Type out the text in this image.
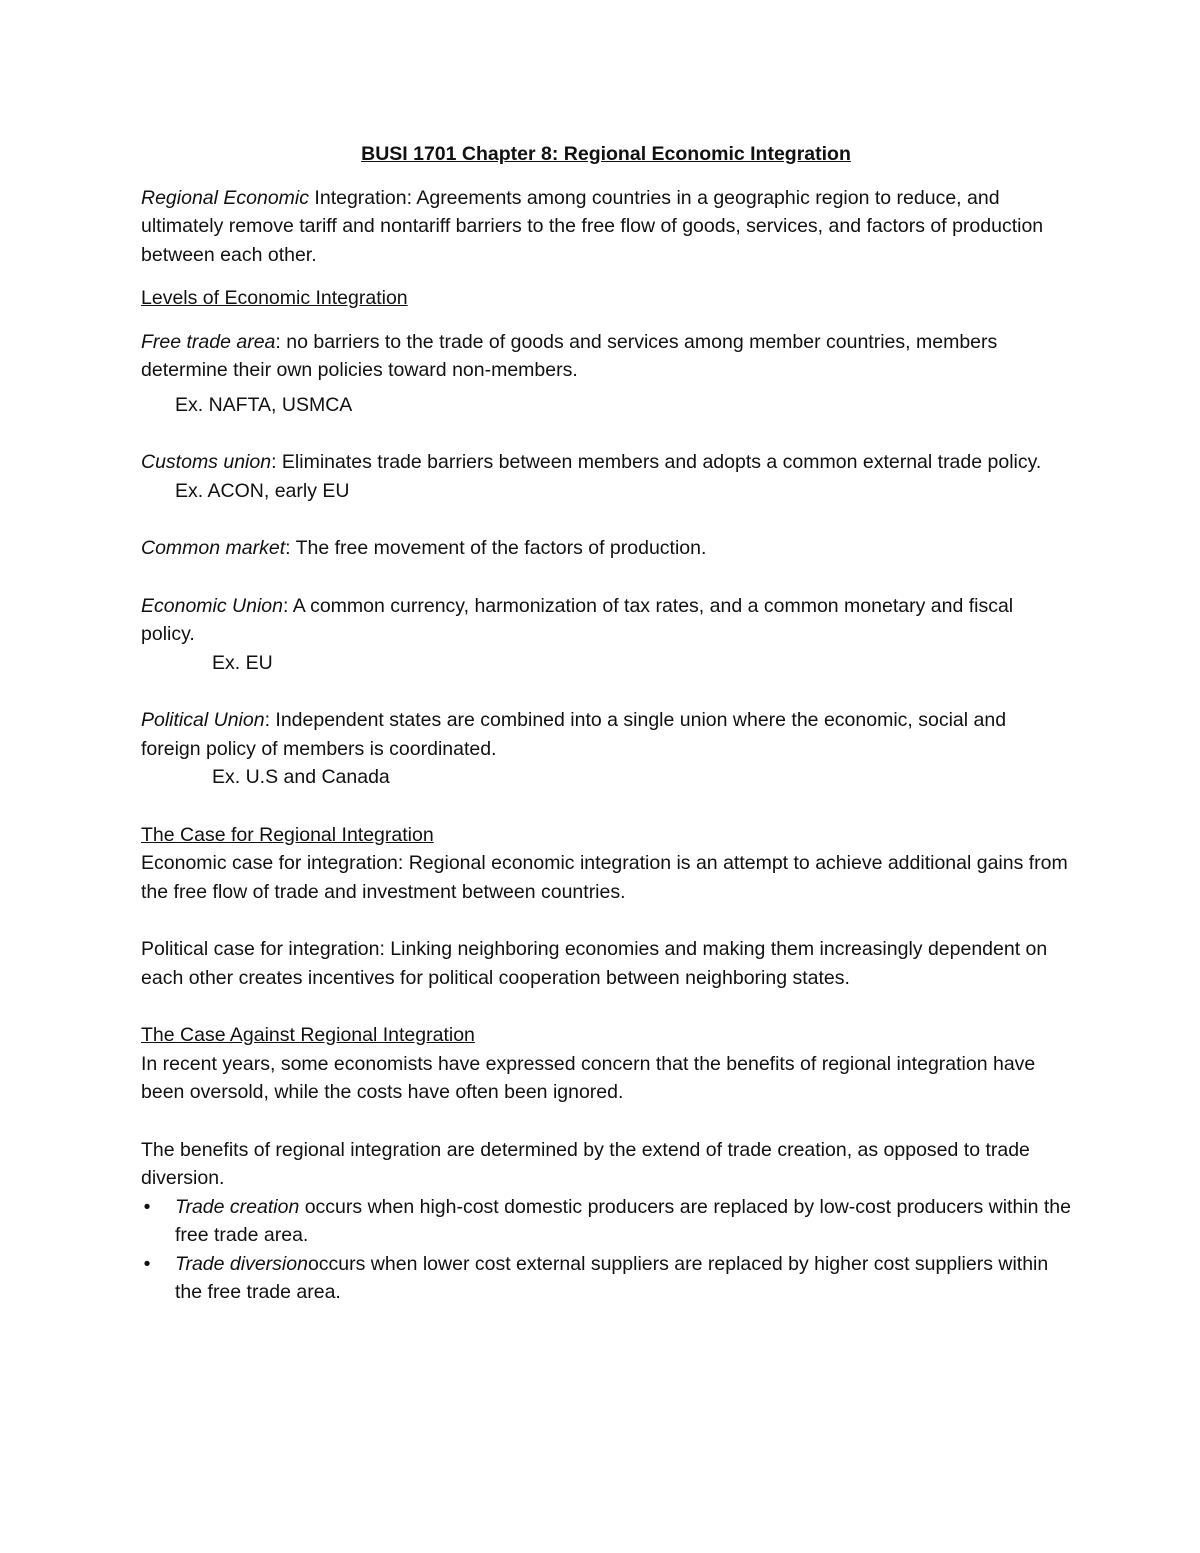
BUSI 1701 Chapter 8: Regional Economic Integration

Regional Economic Integration: Agreements among countries in a geographic region to reduce, and ultimately remove tariff and nontariff barriers to the free flow of goods, services, and factors of production between each other.

Levels of Economic Integration

Free trade area: no barriers to the trade of goods and services among member countries, members determine their own policies toward non-members.

Ex. NAFTA, USMCA

Customs union: Eliminates trade barriers between members and adopts a common external trade policy.

Ex. ACON, early EU

Common market: The free movement of the factors of production.

Economic Union: A common currency, harmonization of tax rates, and a common monetary and fiscal policy.

Ex. EU

Political Union: Independent states are combined into a single union where the economic, social and foreign policy of members is coordinated.

Ex. U.S and Canada

The Case for Regional Integration

Economic case for integration: Regional economic integration is an attempt to achieve additional gains from the free flow of trade and investment between countries.

Political case for integration: Linking neighboring economies and making them increasingly dependent on each other creates incentives for political cooperation between neighboring states.

The Case Against Regional Integration

In recent years, some economists have expressed concern that the benefits of regional integration have been oversold, while the costs have often been ignored.

The benefits of regional integration are determined by the extend of trade creation, as opposed to trade diversion.

• Trade creation occurs when high-cost domestic producers are replaced by low-cost producers within the free trade area.
• Trade diversionoccurs when lower cost external suppliers are replaced by higher cost suppliers within the free trade area.
